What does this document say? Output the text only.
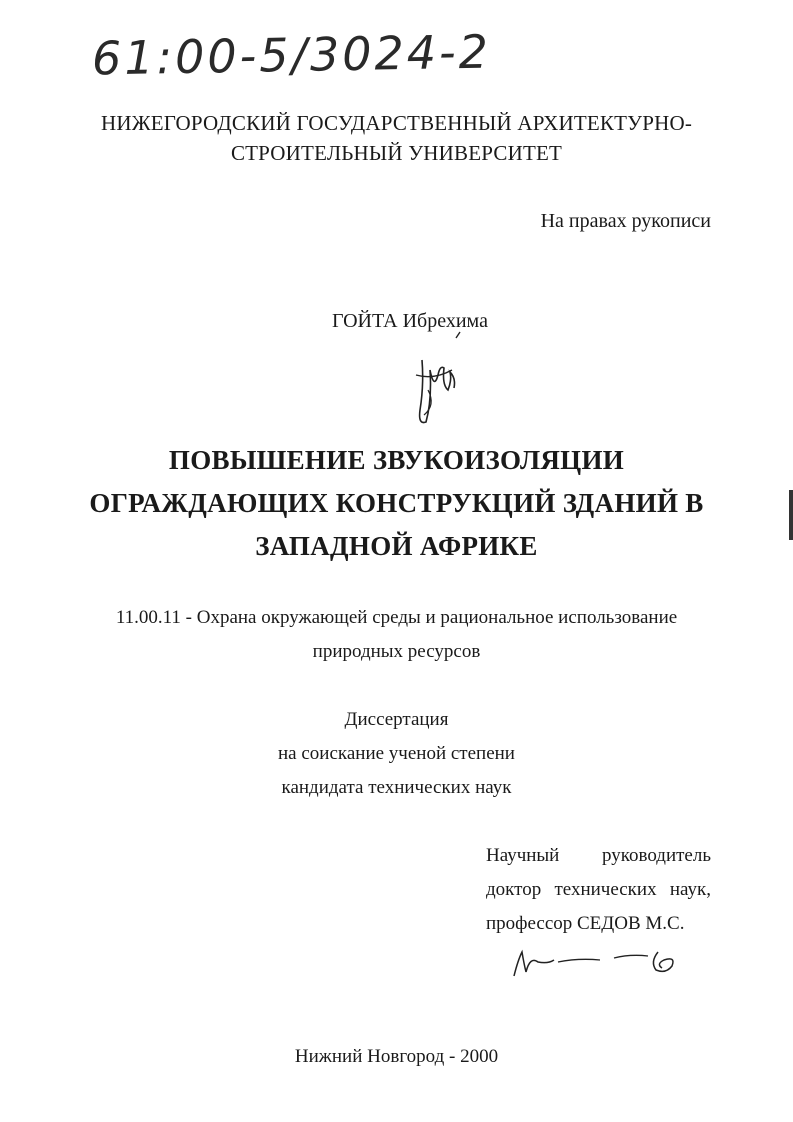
61:00-5/3024-2
НИЖЕГОРОДСКИЙ ГОСУДАРСТВЕННЫЙ АРХИТЕКТУРНО-
СТРОИТЕЛЬНЫЙ УНИВЕРСИТЕТ
На правах рукописи
ГОЙТА Ибрехима
ПОВЫШЕНИЕ ЗВУКОИЗОЛЯЦИИ
ОГРАЖДАЮЩИХ КОНСТРУКЦИЙ ЗДАНИЙ В
ЗАПАДНОЙ АФРИКЕ
11.00.11 - Охрана окружающей среды и рациональное использование
природных ресурсов
Диссертация
на соискание ученой степени
кандидата технических наук
Научный руководитель
доктор технических наук,
профессор СЕДОВ М.С.
Нижний Новгород - 2000
